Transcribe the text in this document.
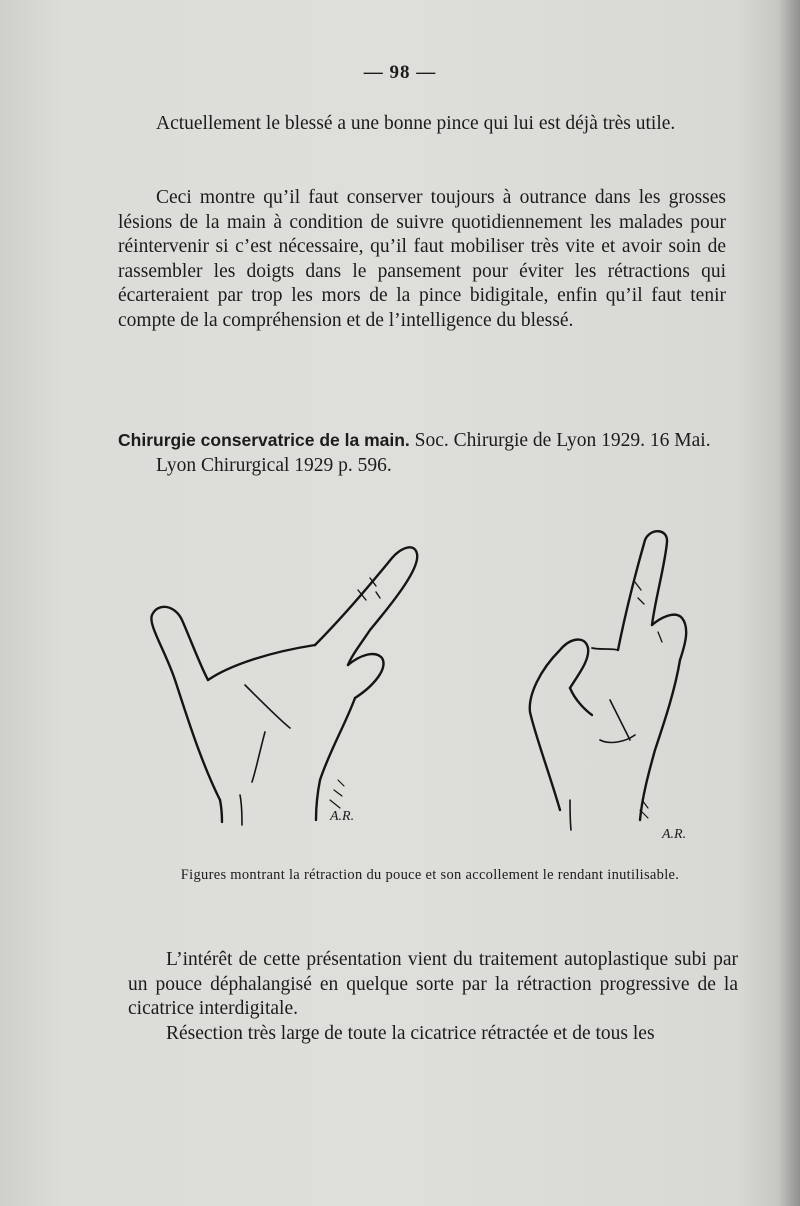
— 98 —

Actuellement le blessé a une bonne pince qui lui est déjà très utile.

Ceci montre qu’il faut conserver toujours à outrance dans les grosses lésions de la main à condition de suivre quotidiennement les malades pour réintervenir si c’est nécessaire, qu’il faut mobiliser très vite et avoir soin de rassembler les doigts dans le pansement pour éviter les rétractions qui écarteraient par trop les mors de la pince bidigitale, enfin qu’il faut tenir compte de la compréhension et de l’intelligence du blessé.

Chirurgie conservatrice de la main. Soc. Chirurgie de Lyon 1929. 16 Mai.
Lyon Chirurgical 1929 p. 596.

A.R.
A.R.
Figures montrant la rétraction du pouce et son accollement le rendant inutilisable.

L’intérêt de cette présentation vient du traitement autoplastique subi par un pouce déphalangisé en quelque sorte par la rétraction progressive de la cicatrice interdigitale.

Résection très large de toute la cicatrice rétractée et de tous les
